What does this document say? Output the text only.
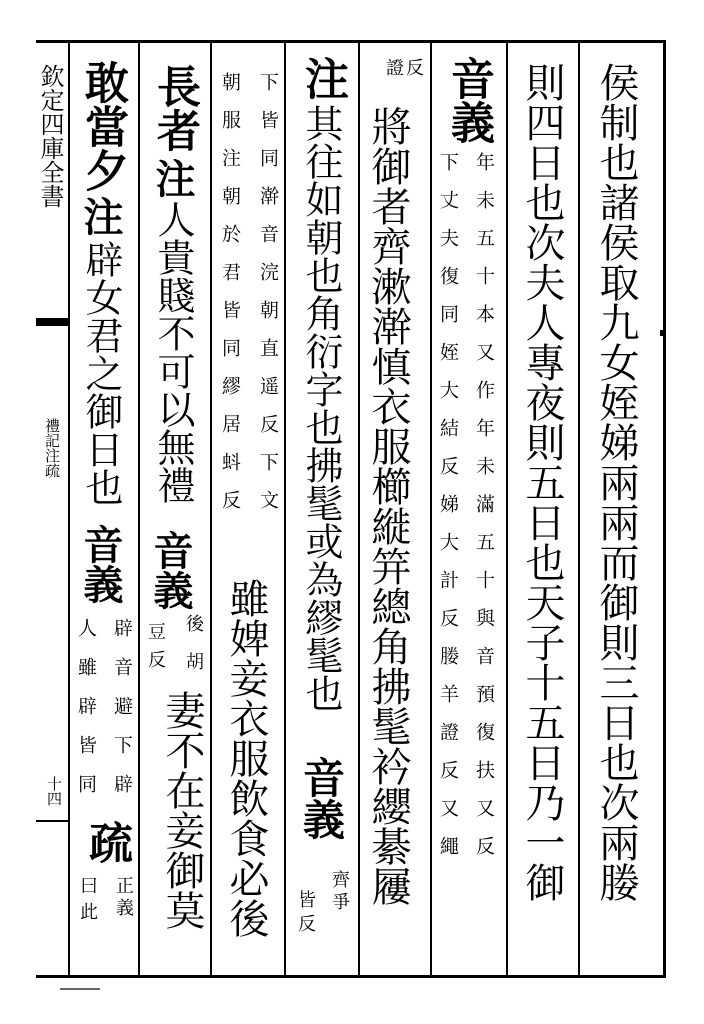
欽定四庫全書
禮記注疏
十四	侯制也諸侯取九女姪娣兩兩而御則三日也次兩媵
則四日也次夫人專夜則五日也天子十五日乃一御
音義
年未五十本又作年未滿五十與音預復扶又反
下丈夫復同姪大結反娣大計反媵羊證反又繩
證反
將御者齊漱澣慎衣服櫛縰笄總角拂髦衿纓綦屨
注
其往如朝也角衍字也拂髦或為繆髦也
音義
齊爭
皆反
下皆同澣音浣朝直遥反下文
朝服注朝於君皆同繆居蚪反
雖婢妾衣服飲食必後
長者
注
人貴賤不可以無禮
音義
後胡
豆反
妻不在妾御莫
敢當夕
注
辟女君之御日也
音義
辟音避下辟
人雖辟皆同
疏
正義
曰此
